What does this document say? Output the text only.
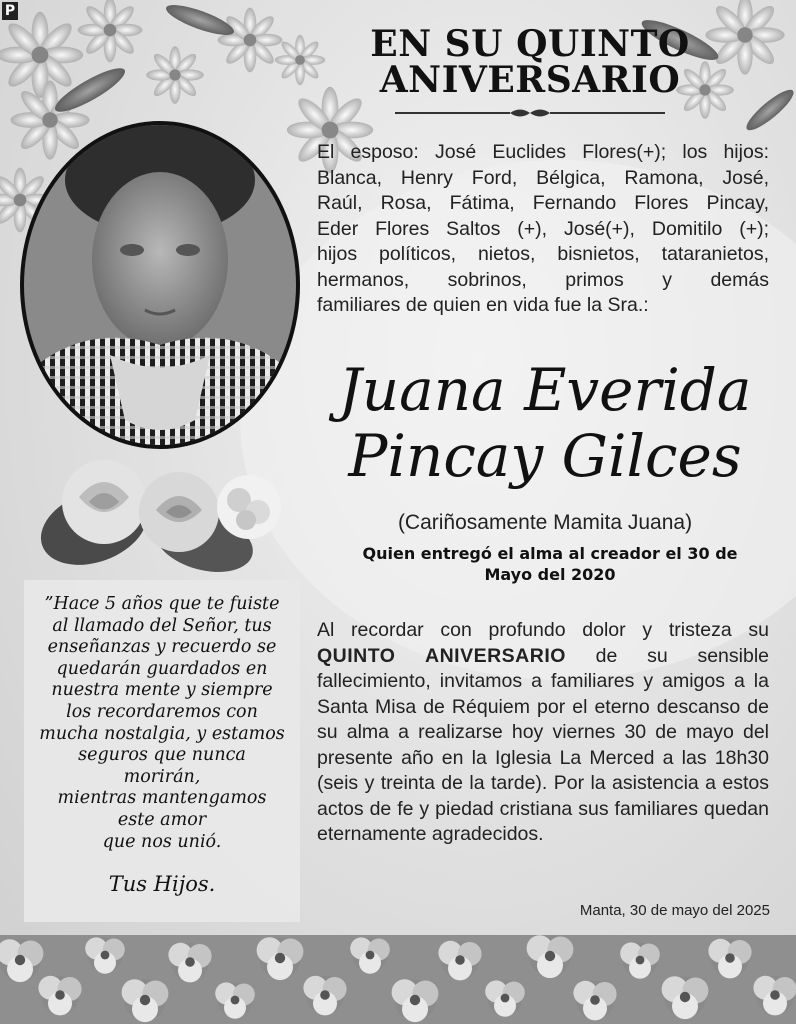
P
EN SU QUINTO
ANIVERSARIO
El esposo: José Euclides Flores(+); los hijos:
Blanca, Henry Ford, Bélgica, Ramona, José,
Raúl, Rosa, Fátima, Fernando Flores Pincay,
Eder Flores Saltos (+), José(+), Domitilo (+);
hijos políticos, nietos, bisnietos, tataranietos,
hermanos, sobrinos, primos y demás
familiares de quien en vida fue la Sra.:
Juana Everida
Pincay Gilces
(Cariñosamente Mamita Juana)
Quien entregó el alma al creador el 30 de
Mayo del 2020
Al recordar con profundo dolor y tristeza su QUINTO ANIVERSARIO de su sensible fallecimiento, invitamos a familiares y amigos a la Santa Misa de Réquiem por el eterno descanso de su alma a realizarse hoy viernes 30 de mayo del presente año en la Iglesia La Merced a las 18h30 (seis y treinta de la tarde). Por la asistencia a estos actos de fe y piedad cristiana sus familiares quedan eternamente agradecidos.
Manta, 30 de mayo del 2025
”Hace 5 años que te fuiste
al llamado del Señor, tus
enseñanzas y recuerdo se
quedarán guardados en
nuestra mente y siempre
los recordaremos con
mucha nostalgia, y estamos
seguros que nunca
morirán,
mientras mantengamos
este amor
que nos unió.
Tus Hijos.
